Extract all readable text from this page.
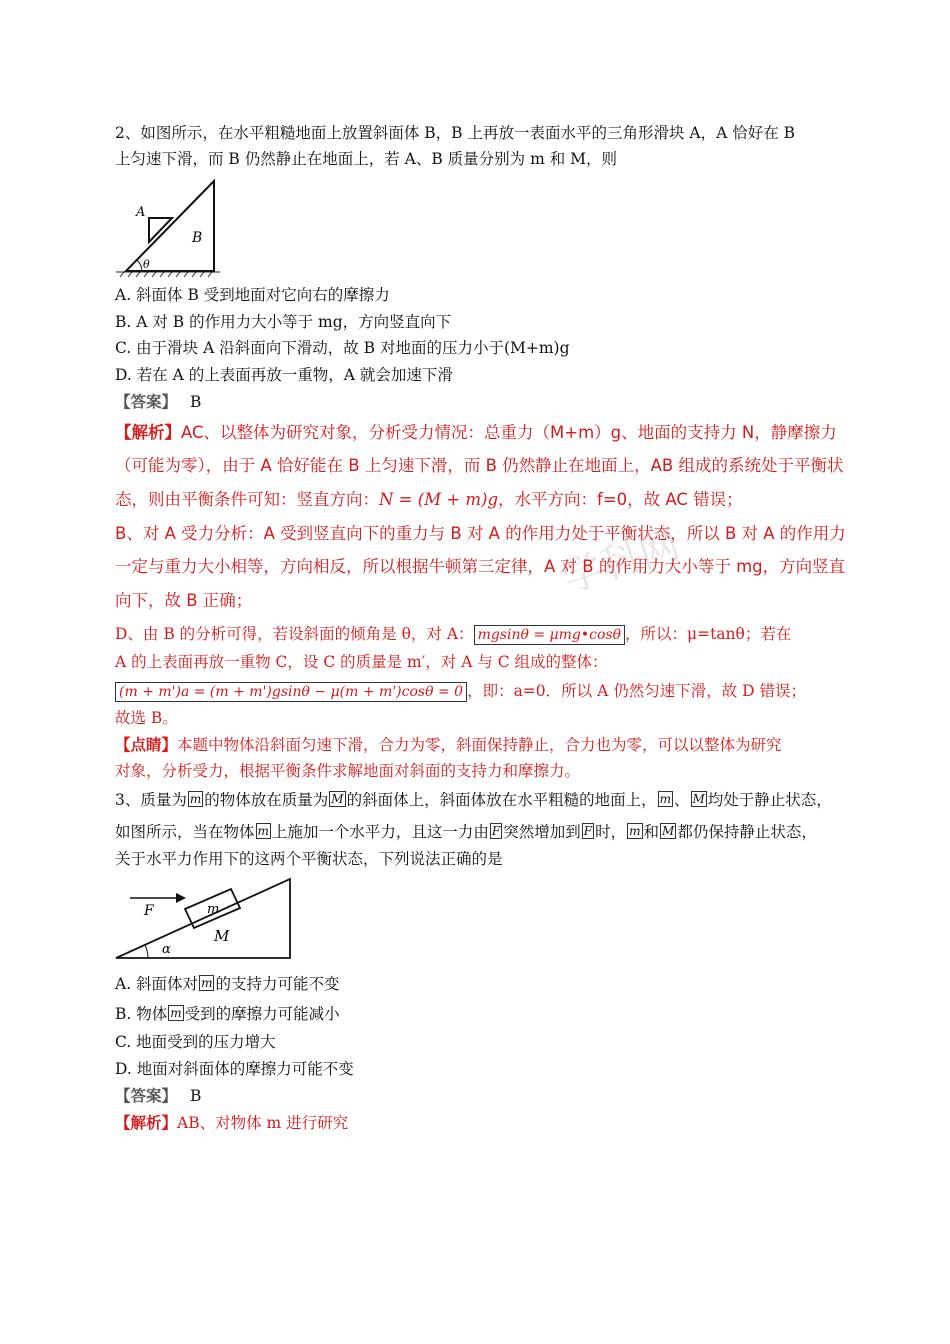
学科网
2、如图所示，在水平粗糙地面上放置斜面体 B，B 上再放一表面水平的三角形滑块 A，A 恰好在 B
上匀速下滑，而 B 仍然静止在地面上，若 A、B 质量分别为 m 和 M，则
A
B
θ
A. 斜面体 B 受到地面对它向右的摩擦力
B. A 对 B 的作用力大小等于 mg，方向竖直向下
C. 由于滑块 A 沿斜面向下滑动，故 B 对地面的压力小于(M+m)g
D. 若在 A 的上表面再放一重物，A 就会加速下滑
【答案】 B
【解析】AC、以整体为研究对象，分析受力情况：总重力（M+m）g、地面的支持力 N，静摩擦力
（可能为零），由于 A 恰好能在 B 上匀速下滑，而 B 仍然静止在地面上，AB 组成的系统处于平衡状
态，则由平衡条件可知：竖直方向：N = (M + m)g，水平方向：f=0，故 AC 错误；
B、对 A 受力分析：A 受到竖直向下的重力与 B 对 A 的作用力处于平衡状态，所以 B 对 A 的作用力
一定与重力大小相等，方向相反，所以根据牛顿第三定律，A 对 B 的作用力大小等于 mg，方向竖直
向下，故 B 正确；
D、由 B 的分析可得，若设斜面的倾角是 θ，对 A： mgsinθ = μmg•cosθ ，所以：μ=tanθ；若在
A 的上表面再放一重物 C，设 C 的质量是 m′，对 A 与 C 组成的整体：
(m + m')a = (m + m')gsinθ − μ(m + m')cosθ = 0 ，即：a=0．所以 A 仍然匀速下滑，故 D 错误；
故选 B。
【点睛】本题中物体沿斜面匀速下滑，合力为零，斜面保持静止，合力也为零，可以以整体为研究
对象，分析受力，根据平衡条件求解地面对斜面的支持力和摩擦力。
3、质量为 m 的物体放在质量为 M 的斜面体上，斜面体放在水平粗糙的地面上， m 、 M 均处于静止状态，
如图所示，当在物体 m 上施加一个水平力，且这一力由 F 突然增加到 F 时， m 和 M 都仍保持静止状态，
关于水平力作用下的这两个平衡状态，下列说法正确的是
F	m
M
α
A. 斜面体对 m 的支持力可能不变
B. 物体 m 受到的摩擦力可能减小
C. 地面受到的压力增大
D. 地面对斜面体的摩擦力可能不变
【答案】 B
【解析】AB、对物体 m 进行研究
